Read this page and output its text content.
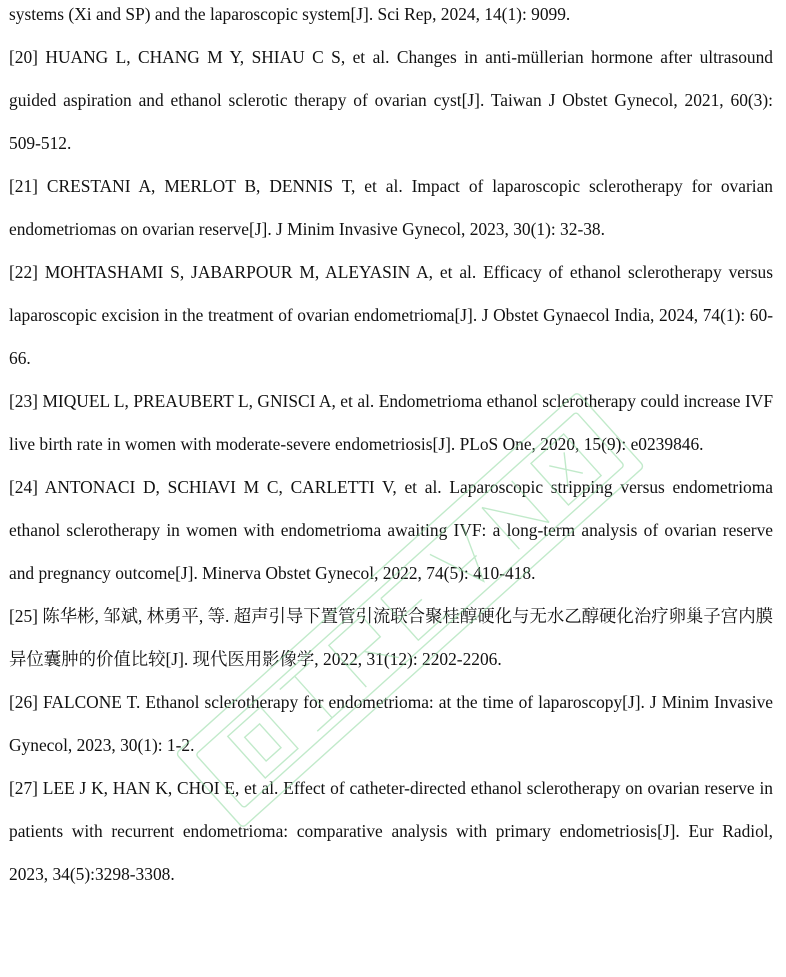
systems (Xi and SP) and the laparoscopic system[J]. Sci Rep, 2024, 14(1): 9099.

[20] HUANG L, CHANG M Y, SHIAU C S, et al. Changes in anti-müllerian hormone after ultrasound guided aspiration and ethanol sclerotic therapy of ovarian cyst[J]. Taiwan J Obstet Gynecol, 2021, 60(3): 509-512.

[21] CRESTANI A, MERLOT B, DENNIS T, et al. Impact of laparoscopic sclerotherapy for ovarian endometriomas on ovarian reserve[J]. J Minim Invasive Gynecol, 2023, 30(1): 32-38.

[22] MOHTASHAMI S, JABARPOUR M, ALEYASIN A, et al. Efficacy of ethanol sclerotherapy versus laparoscopic excision in the treatment of ovarian endometrioma[J]. J Obstet Gynaecol India, 2024, 74(1): 60-66.

[23] MIQUEL L, PREAUBERT L, GNISCI A, et al. Endometrioma ethanol sclerotherapy could increase IVF live birth rate in women with moderate-severe endometriosis[J]. PLoS One, 2020, 15(9): e0239846.

[24] ANTONACI D, SCHIAVI M C, CARLETTI V, et al. Laparoscopic stripping versus endometrioma ethanol sclerotherapy in women with endometrioma awaiting IVF: a long-term analysis of ovarian reserve and pregnancy outcome[J]. Minerva Obstet Gynecol, 2022, 74(5): 410-418.

[25] 陈华彬, 邹斌, 林勇平, 等. 超声引导下置管引流联合聚桂醇硬化与无水乙醇硬化治疗卵巢子宫内膜异位囊肿的价值比较[J]. 现代医用影像学, 2022, 31(12): 2202-2206.

[26] FALCONE T. Ethanol sclerotherapy for endometrioma: at the time of laparoscopy[J]. J Minim Invasive Gynecol, 2023, 30(1): 1-2.

[27] LEE J K, HAN K, CHOI E, et al. Effect of catheter-directed ethanol sclerotherapy on ovarian reserve in patients with recurrent endometrioma: comparative analysis with primary endometriosis[J]. Eur Radiol, 2023, 34(5):3298-3308.
